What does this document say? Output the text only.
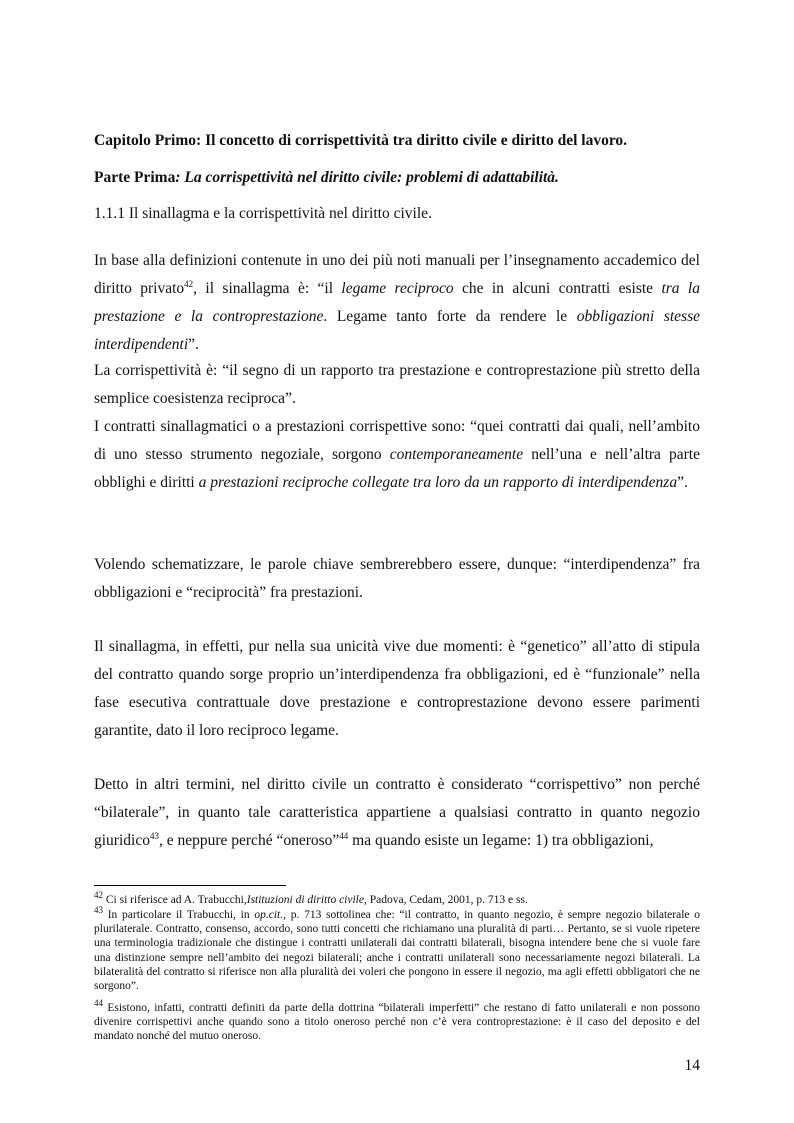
Capitolo Primo: Il concetto di corrispettività tra diritto civile e diritto del lavoro.
Parte Prima: La corrispettività nel diritto civile: problemi di adattabilità.
1.1.1 Il sinallagma e la corrispettività nel diritto civile.

In base alla definizioni contenute in uno dei più noti manuali per l’insegnamento accademico del diritto privato$^{42}$, il sinallagma è: “il legame reciproco che in alcuni contratti esiste tra la prestazione e la controprestazione. Legame tanto forte da rendere le obbligazioni stesse interdipendenti”.

La corrispettività è: “il segno di un rapporto tra prestazione e controprestazione più stretto della semplice coesistenza reciproca”.

I contratti sinallagmatici o a prestazioni corrispettive sono: “quei contratti dai quali, nell’ambito di uno stesso strumento negoziale, sorgono contemporaneamente nell’una e nell’altra parte obblighi e diritti a prestazioni reciproche collegate tra loro da un rapporto di interdipendenza”.

Volendo schematizzare, le parole chiave sembrerebbero essere, dunque: “interdipendenza” fra obbligazioni e “reciprocità” fra prestazioni.

Il sinallagma, in effetti, pur nella sua unicità vive due momenti: è “genetico” all’atto di stipula del contratto quando sorge proprio un’interdipendenza fra obbligazioni, ed è “funzionale” nella fase esecutiva contrattuale dove prestazione e controprestazione devono essere parimenti garantite, dato il loro reciproco legame.

Detto in altri termini, nel diritto civile un contratto è considerato “corrispettivo” non perché “bilaterale”, in quanto tale caratteristica appartiene a qualsiasi contratto in quanto negozio giuridico$^{43}$, e neppure perché “oneroso”$^{44}$ ma quando esiste un legame: 1) tra obbligazioni,

$^{42}$ Ci si riferisce ad A. Trabucchi,Istituzioni di diritto civile, Padova, Cedam, 2001, p. 713 e ss.

$^{43}$ In particolare il Trabucchi, in op.cit., p. 713 sottolinea che: “il contratto, in quanto negozio, è sempre negozio bilaterale o plurilaterale. Contratto, consenso, accordo, sono tutti concetti che richiamano una pluralità di parti… Pertanto, se si vuole ripetere una terminologia tradizionale che distingue i contratti unilaterali dai contratti bilaterali, bisogna intendere bene che si vuole fare una distinzione sempre nell’ambito dei negozi bilaterali; anche i contratti unilaterali sono necessariamente negozi bilaterali. La bilateralità del contratto si riferisce non alla pluralità dei voleri che pongono in essere il negozio, ma agli effetti obbligatori che ne sorgono”.

$^{44}$ Esistono, infatti, contratti definiti da parte della dottrina “bilaterali imperfetti” che restano di fatto unilaterali e non possono divenire corrispettivi anche quando sono a titolo oneroso perché non c’è vera controprestazione: è il caso del deposito e del mandato nonché del mutuo oneroso.

14
